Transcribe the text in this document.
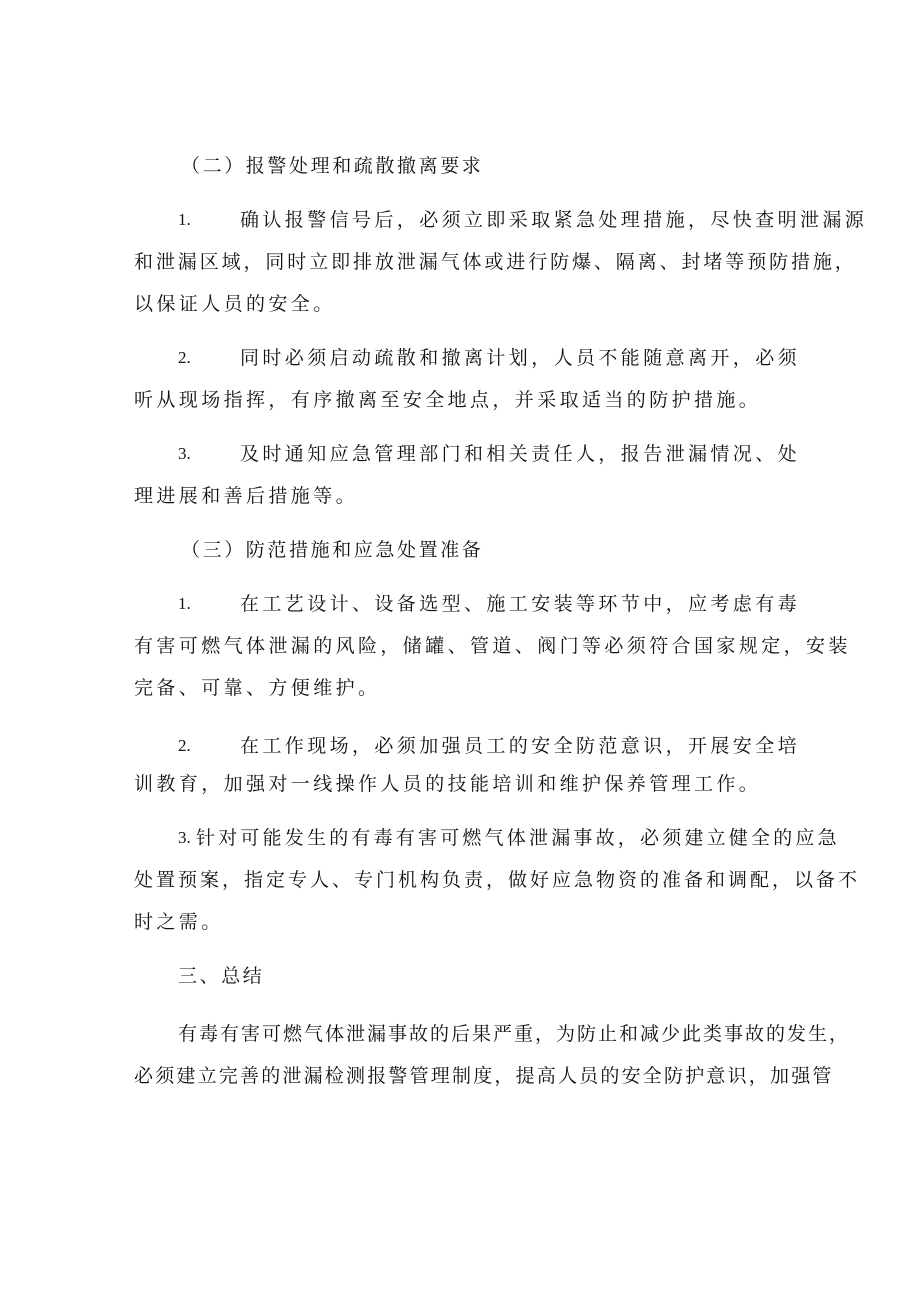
（二）报警处理和疏散撤离要求
1.	确认报警信号后，必须立即采取紧急处理措施，尽快查明泄漏源
和泄漏区域，同时立即排放泄漏气体或进行防爆、隔离、封堵等预防措施，
以保证人员的安全。
2.	同时必须启动疏散和撤离计划，人员不能随意离开，必须
听从现场指挥，有序撤离至安全地点，并采取适当的防护措施。
3.	及时通知应急管理部门和相关责任人，报告泄漏情况、处
理进展和善后措施等。
（三）防范措施和应急处置准备
1.	在工艺设计、设备选型、施工安装等环节中，应考虑有毒
有害可燃气体泄漏的风险，储罐、管道、阀门等必须符合国家规定，安装
完备、可靠、方便维护。
2.	在工作现场，必须加强员工的安全防范意识，开展安全培
训教育，加强对一线操作人员的技能培训和维护保养管理工作。
3. 针对可能发生的有毒有害可燃气体泄漏事故，必须建立健全的应急
处置预案，指定专人、专门机构负责，做好应急物资的准备和调配，以备不
时之需。
三、总结
有毒有害可燃气体泄漏事故的后果严重，为防止和减少此类事故的发生，
必须建立完善的泄漏检测报警管理制度，提高人员的安全防护意识，加强管
